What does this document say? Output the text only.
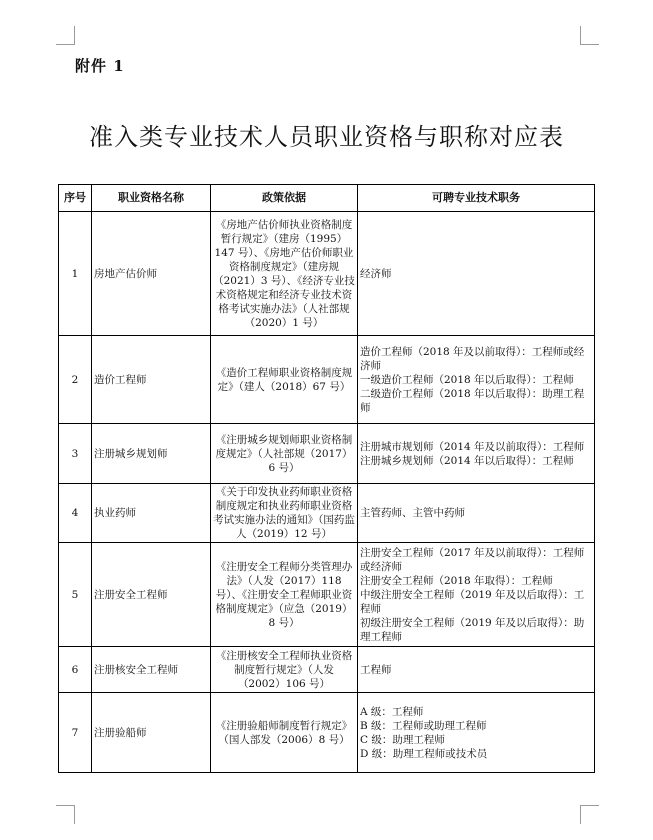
附件 1
准入类专业技术人员职业资格与职称对应表
序号	职业资格名称	政策依据	可聘专业技术职务
1	房地产估价师	《房地产估价师执业资格制度暂行规定》（建房（1995）147 号）、《房地产估价师职业资格制度规定》（建房规（2021）3 号）、《经济专业技术资格规定和经济专业技术资格考试实施办法》（人社部规（2020）1 号）	经济师

2	造价工程师	《造价工程师职业资格制度规定》（建人（2018）67 号）	造价工程师（2018 年及以前取得）：工程师或经济师
一级造价工程师（2018 年以后取得）：工程师
二级造价工程师（2018 年以后取得）：助理工程师

3	注册城乡规划师	《注册城乡规划师职业资格制度规定》（人社部规（2017）6 号）	注册城市规划师（2014 年及以前取得）：工程师
注册城乡规划师（2014 年以后取得）：工程师

4	执业药师	《关于印发执业药师职业资格制度规定和执业药师职业资格考试实施办法的通知》（国药监人（2019）12 号）	主管药师、主管中药师

5	注册安全工程师	《注册安全工程师分类管理办法》（人发（2017）118 号）、《注册安全工程师职业资格制度规定》（应急（2019）8 号）	注册安全工程师（2017 年及以前取得）：工程师或经济师
注册安全工程师（2018 年取得）：工程师
中级注册安全工程师（2019 年及以后取得）：工程师
初级注册安全工程师（2019 年及以后取得）：助理工程师

6	注册核安全工程师	《注册核安全工程师执业资格制度暂行规定》（人发（2002）106 号）	工程师

7	注册验船师	《注册验船师制度暂行规定》（国人部发（2006）8 号）	A 级：工程师
B 级：工程师或助理工程师
C 级：助理工程师
D 级：助理工程师或技术员
